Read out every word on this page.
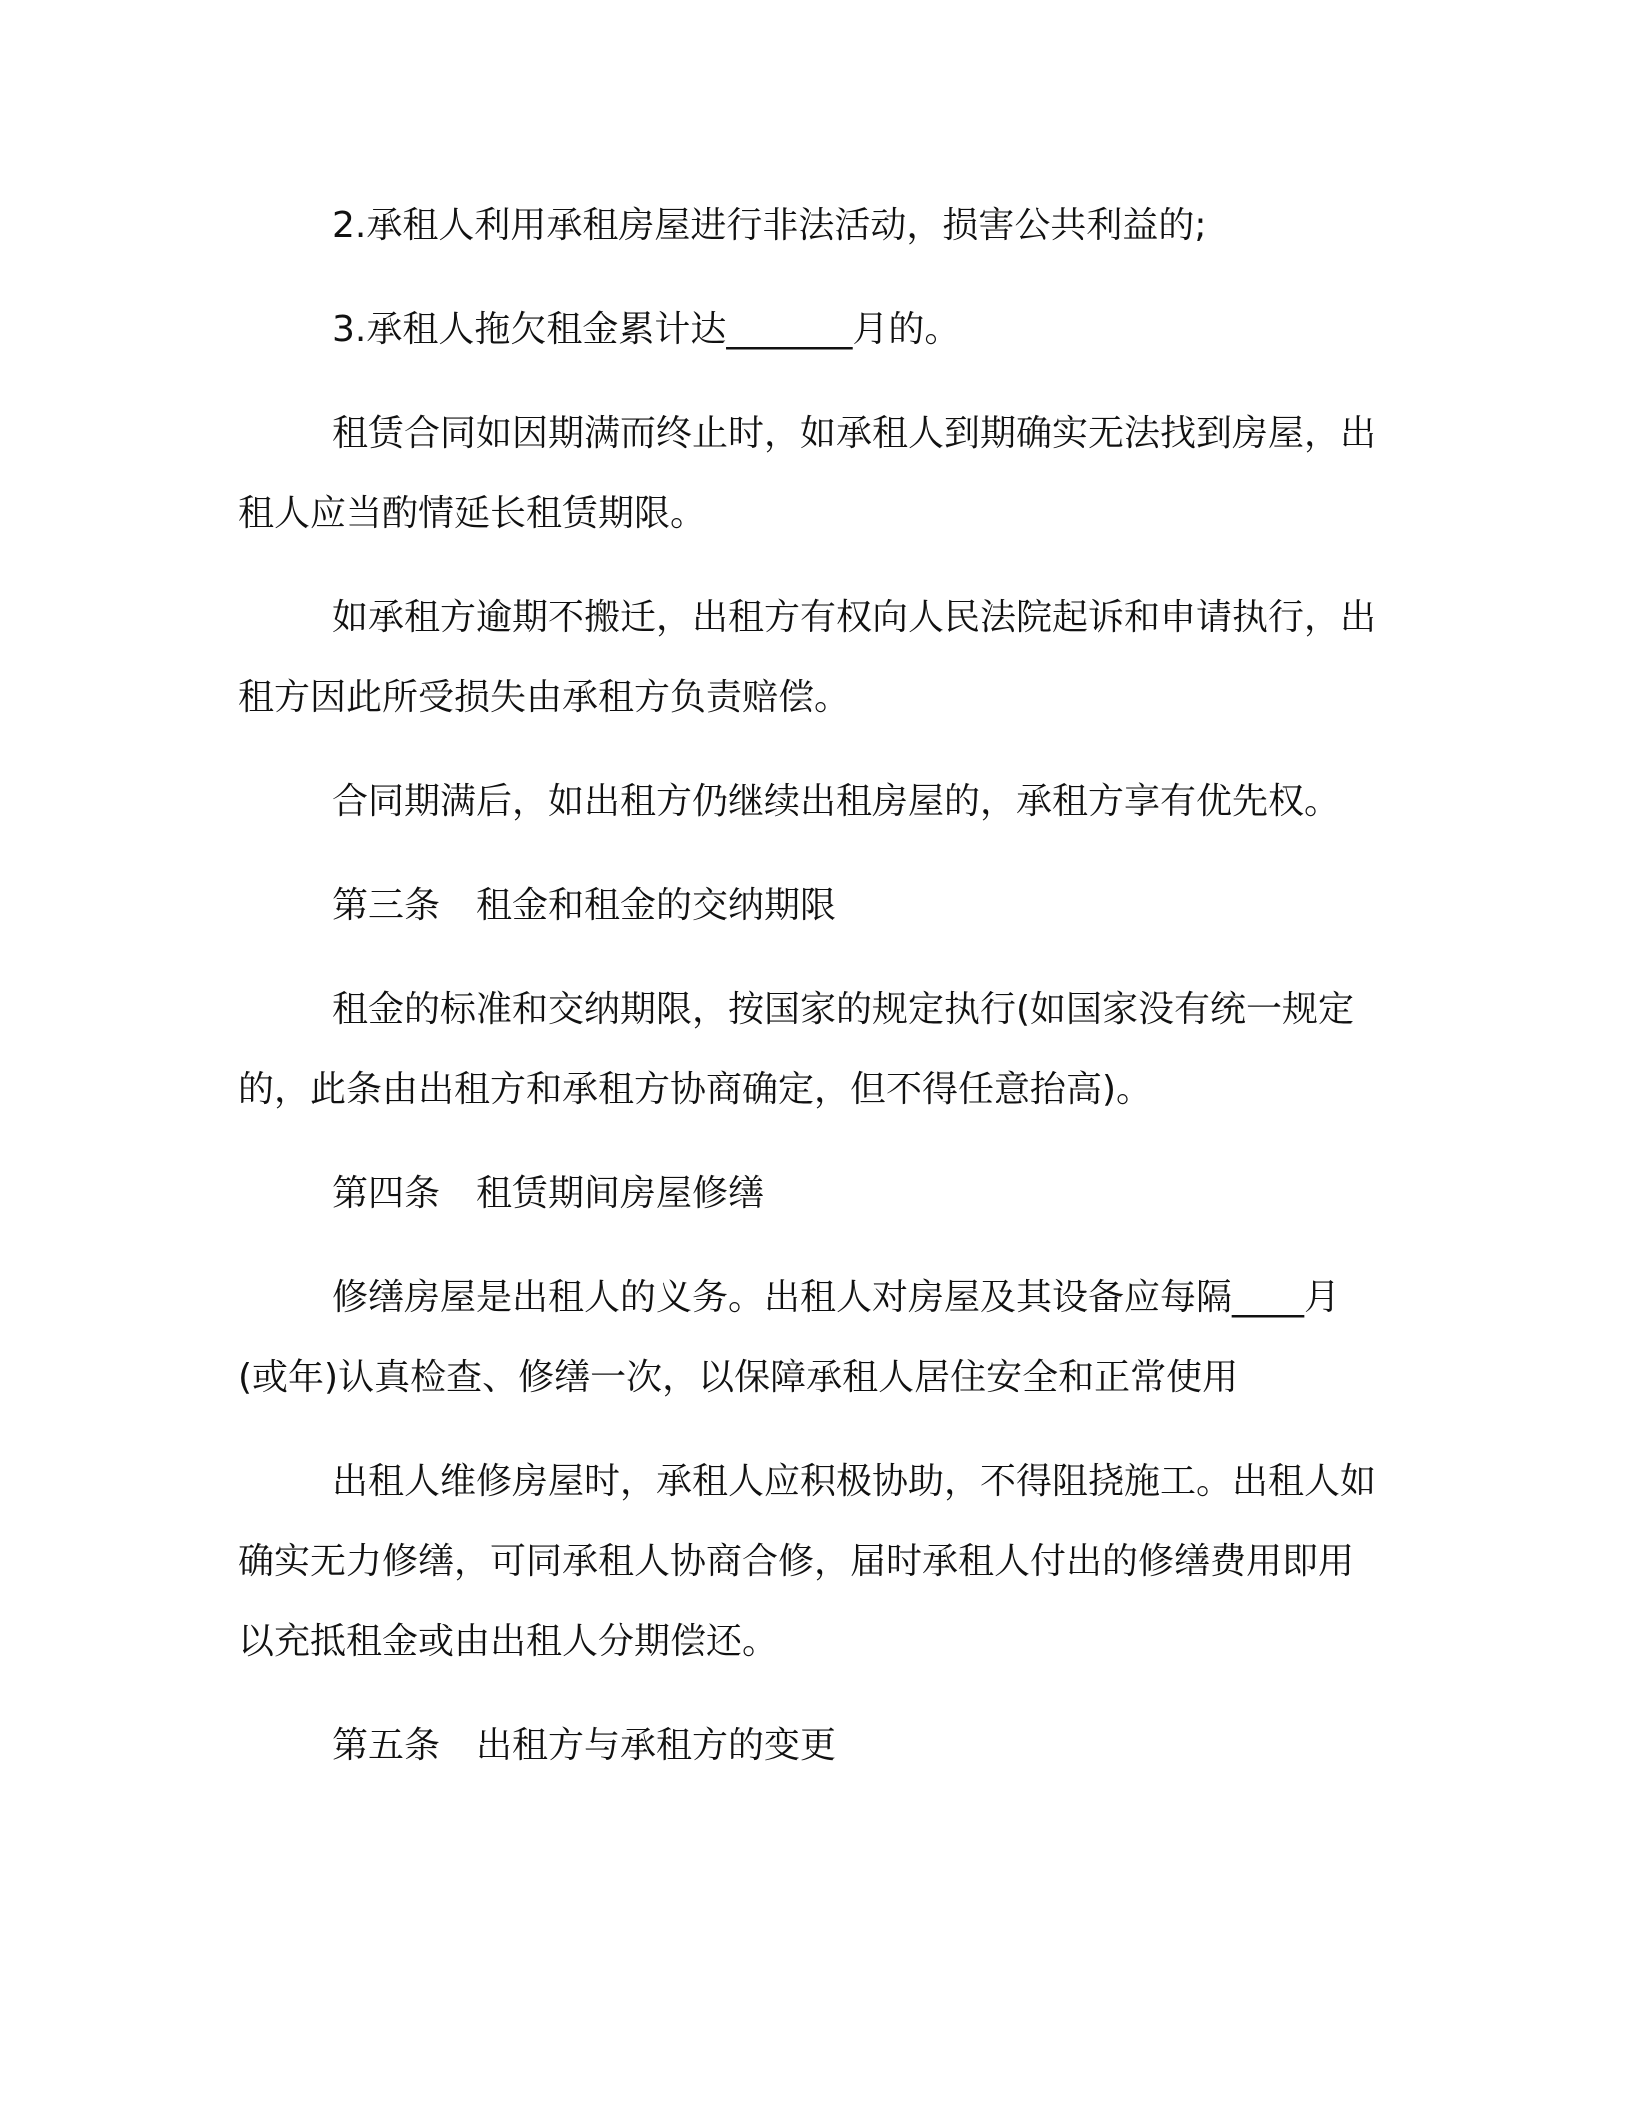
2.承租人利用承租房屋进行非法活动，损害公共利益的;

3.承租人拖欠租金累计达_______月的。

租赁合同如因期满而终止时，如承租人到期确实无法找到房屋，出租人应当酌情延长租赁期限。

如承租方逾期不搬迁，出租方有权向人民法院起诉和申请执行，出租方因此所受损失由承租方负责赔偿。

合同期满后，如出租方仍继续出租房屋的，承租方享有优先权。

第三条　租金和租金的交纳期限

租金的标准和交纳期限，按国家的规定执行(如国家没有统一规定的，此条由出租方和承租方协商确定，但不得任意抬高)。

第四条　租赁期间房屋修缮

修缮房屋是出租人的义务。出租人对房屋及其设备应每隔____月(或年)认真检查、修缮一次，以保障承租人居住安全和正常使用

出租人维修房屋时，承租人应积极协助，不得阻挠施工。出租人如确实无力修缮，可同承租人协商合修，届时承租人付出的修缮费用即用以充抵租金或由出租人分期偿还。

第五条　出租方与承租方的变更
